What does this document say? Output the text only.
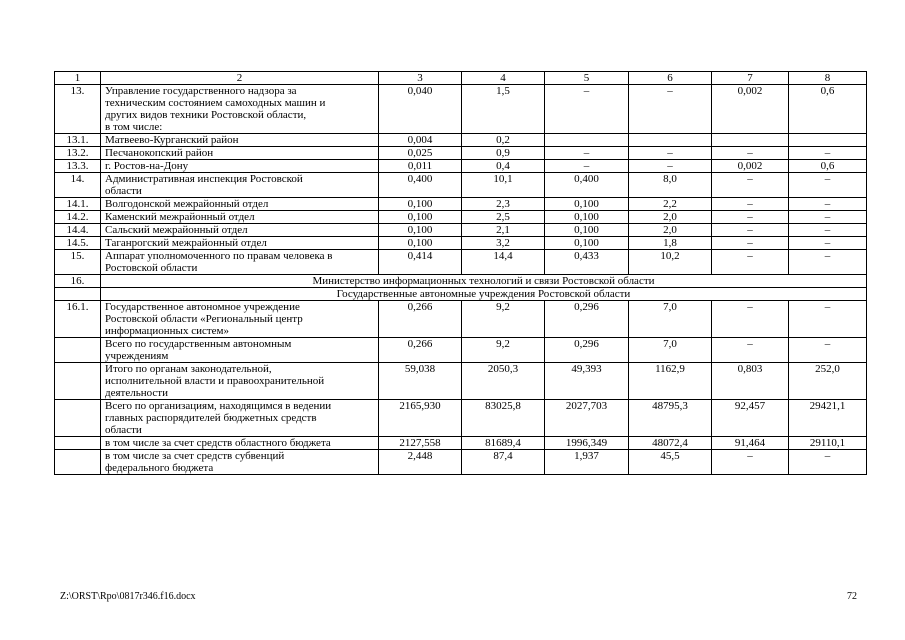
1	2	3	4	5	6	7	8
13.	Управление государственного надзора за
техническим состоянием самоходных машин и
других видов техники Ростовской области,
в том числе:	0,040	1,5	–	–	0,002	0,6
13.1.	Матвеево-Курганский район	0,004	0,2				
13.2.	Песчанокопский район	0,025	0,9	–	–	–	–
13.3.	г. Ростов-на-Дону	0,011	0,4	–	–	0,002	0,6
14.	Административная инспекция Ростовской
области	0,400	10,1	0,400	8,0	–	–
14.1.	Волгодонской межрайонный отдел	0,100	2,3	0,100	2,2	–	–
14.2.	Каменский межрайонный отдел	0,100	2,5	0,100	2,0	–	–
14.4.	Сальский межрайонный отдел	0,100	2,1	0,100	2,0	–	–
14.5.	Таганрогский межрайонный отдел	0,100	3,2	0,100	1,8	–	–
15.	Аппарат уполномоченного по правам человека в
Ростовской области	0,414	14,4	0,433	10,2	–	–
16.	Министерство информационных технологий и связи Ростовской области						
	Государственные автономные учреждения Ростовской области						
16.1.	Государственное автономное учреждение
Ростовской области «Региональный центр
информационных систем»	0,266	9,2	0,296	7,0	–	–
	Всего по государственным автономным
учреждениям	0,266	9,2	0,296	7,0	–	–
	Итого по органам законодательной,
исполнительной власти и правоохранительной
деятельности	59,038	2050,3	49,393	1162,9	0,803	252,0
	Всего по организациям, находящимся в ведении
главных распорядителей бюджетных средств
области	2165,930	83025,8	2027,703	48795,3	92,457	29421,1
	в том числе за счет средств областного бюджета	2127,558	81689,4	1996,349	48072,4	91,464	29110,1
	в том числе за счет средств субвенций
федерального бюджета	2,448	87,4	1,937	45,5	–	–
Z:\ORST\Rpo\0817r346.f16.docx	72
